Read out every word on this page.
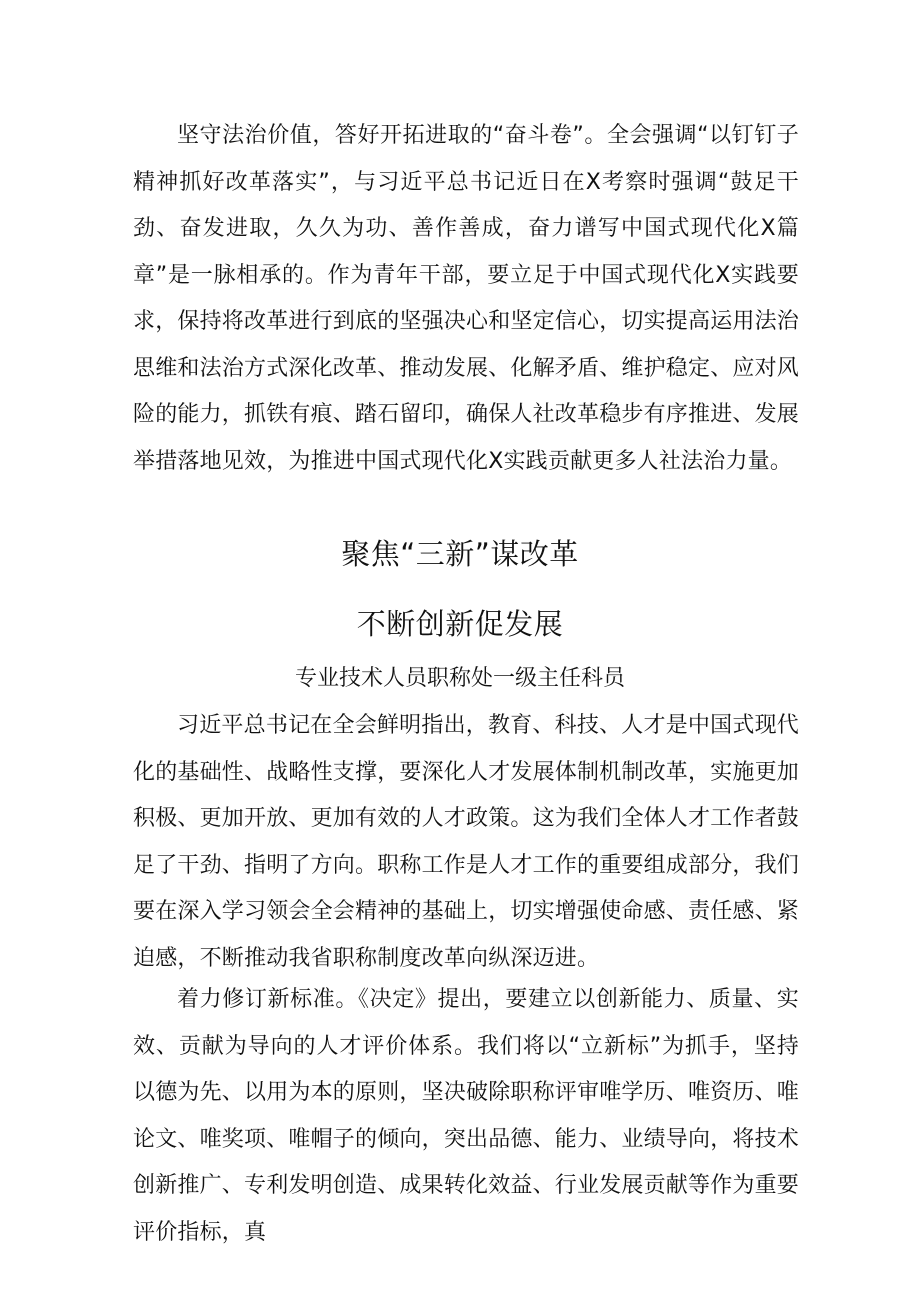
坚守法治价值，答好开拓进取的“奋斗卷”。全会强调“以钉钉子精神抓好改革落实”，与习近平总书记近日在X考察时强调“鼓足干劲、奋发进取，久久为功、善作善成，奋力谱写中国式现代化X篇章”是一脉相承的。作为青年干部，要立足于中国式现代化X实践要求，保持将改革进行到底的坚强决心和坚定信心，切实提高运用法治思维和法治方式深化改革、推动发展、化解矛盾、维护稳定、应对风险的能力，抓铁有痕、踏石留印，确保人社改革稳步有序推进、发展举措落地见效，为推进中国式现代化X实践贡献更多人社法治力量。

聚焦“三新”谋改革
不断创新促发展

专业技术人员职称处一级主任科员

习近平总书记在全会鲜明指出，教育、科技、人才是中国式现代化的基础性、战略性支撑，要深化人才发展体制机制改革，实施更加积极、更加开放、更加有效的人才政策。这为我们全体人才工作者鼓足了干劲、指明了方向。职称工作是人才工作的重要组成部分，我们要在深入学习领会全会精神的基础上，切实增强使命感、责任感、紧迫感，不断推动我省职称制度改革向纵深迈进。

着力修订新标准。《决定》提出，要建立以创新能力、质量、实效、贡献为导向的人才评价体系。我们将以“立新标”为抓手，坚持以德为先、以用为本的原则，坚决破除职称评审唯学历、唯资历、唯论文、唯奖项、唯帽子的倾向，突出品德、能力、业绩导向，将技术创新推广、专利发明创造、成果转化效益、行业发展贡献等作为重要评价指标，真
